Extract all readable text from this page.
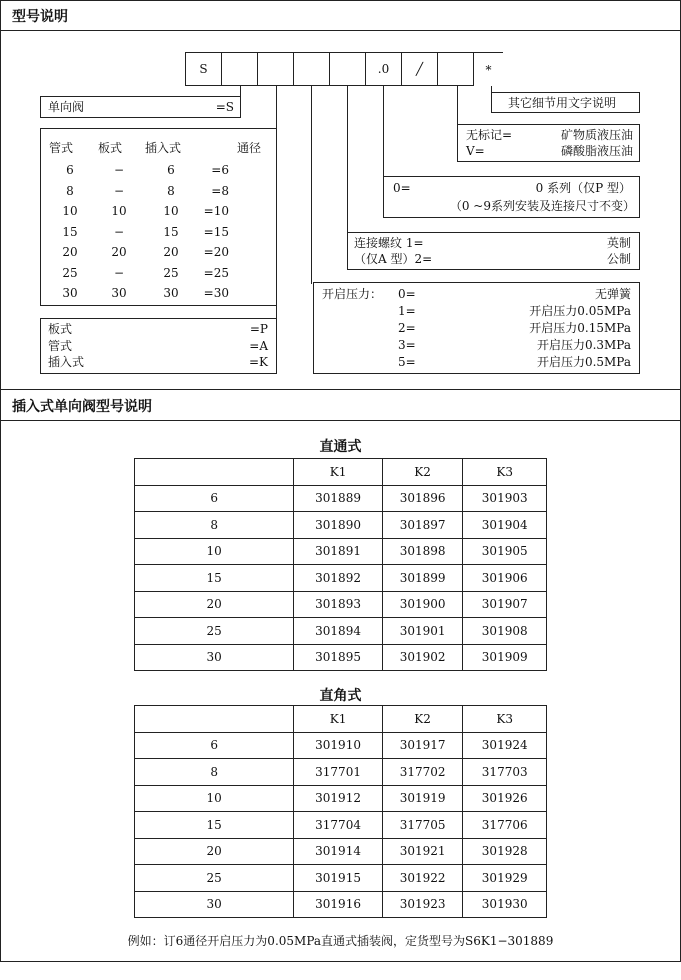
型号说明
S	.0	╱	*
单向阀	=S
管式	板式	插入式	通径
6	−	6	=6
8	−	8	=8
10	10	10	=10
15	−	15	=15
20	20	20	=20
25	−	25	=25
30	30	30	=30
板式	=P
管式	=A
插入式	=K
其它细节用文字说明
无标记=	矿物质液压油
V=	磷酸脂液压油
0=	0 系列（仅P 型）
（0 ~9系列安装及连接尺寸不变）
连接螺纹 1=	英制
（仅A 型）2=	公制
开启压力： 0=	无弹簧
1=	开启压力0.05MPa
2=	开启压力0.15MPa
3=	开启压力0.3MPa
5=	开启压力0.5MPa
插入式单向阀型号说明
直通式
	K1	K2	K3
6	301889	301896	301903
8	301890	301897	301904
10	301891	301898	301905
15	301892	301899	301906
20	301893	301900	301907
25	301894	301901	301908
30	301895	301902	301909
直角式
	K1	K2	K3
6	301910	301917	301924
8	317701	317702	317703
10	301912	301919	301926
15	317704	317705	317706
20	301914	301921	301928
25	301915	301922	301929
30	301916	301923	301930
例如：订6通径开启压力为0.05MPa直通式插装阀，定货型号为S6K1−301889
